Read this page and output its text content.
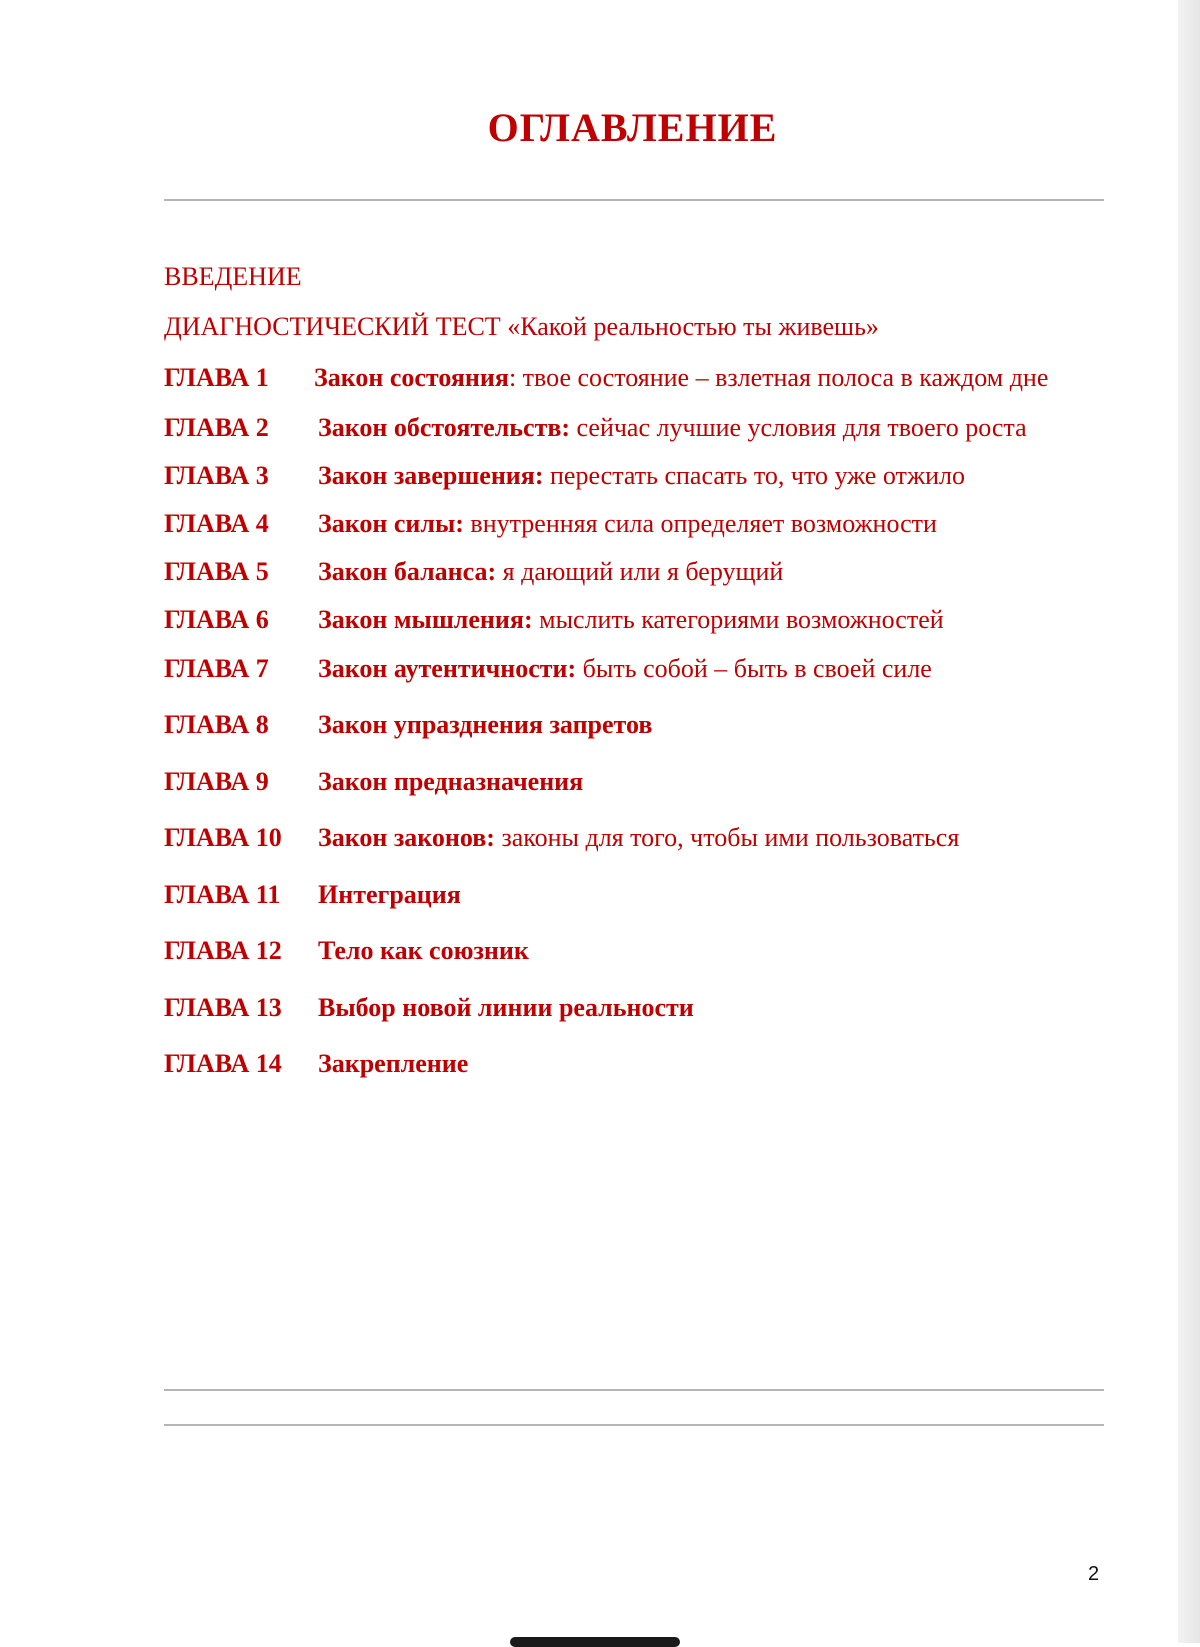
ОГЛАВЛЕНИЕ
ВВЕДЕНИЕ
ДИАГНОСТИЧЕСКИЙ ТЕСТ «Какой реальностью ты живешь»
ГЛАВА 1 Закон состояния: твое состояние – взлетная полоса в каждом дне
ГЛАВА 2 Закон обстоятельств: сейчас лучшие условия для твоего роста
ГЛАВА 3 Закон завершения: перестать спасать то, что уже отжило
ГЛАВА 4 Закон силы: внутренняя сила определяет возможности
ГЛАВА 5 Закон баланса: я дающий или я берущий
ГЛАВА 6 Закон мышления: мыслить категориями возможностей
ГЛАВА 7 Закон аутентичности: быть собой – быть в своей силе
ГЛАВА 8 Закон упразднения запретов
ГЛАВА 9 Закон предназначения
ГЛАВА 10 Закон законов: законы для того, чтобы ими пользоваться
ГЛАВА 11 Интеграция
ГЛАВА 12 Тело как союзник
ГЛАВА 13 Выбор новой линии реальности
ГЛАВА 14 Закрепление
2
